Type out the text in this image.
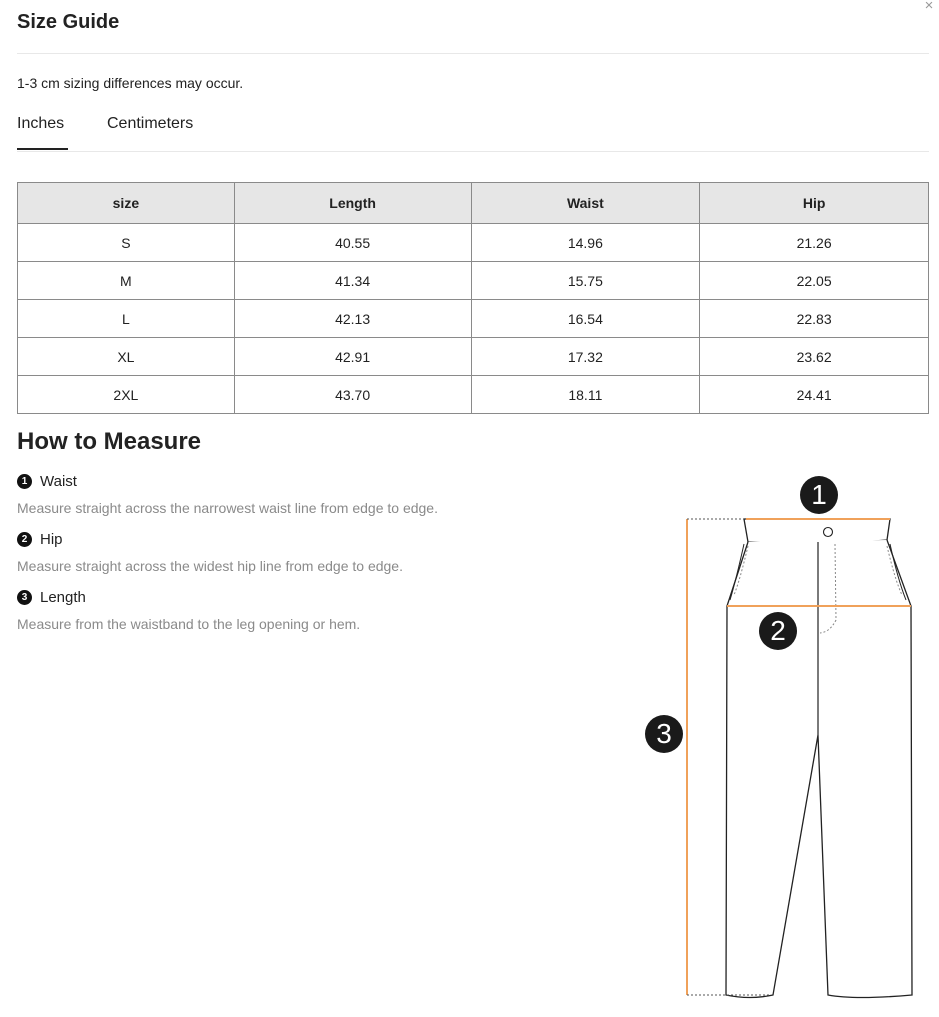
×
Size Guide
1-3 cm sizing differences may occur.
Inches	Centimeters
size	Length	Waist	Hip
S	40.55	14.96	21.26
M	41.34	15.75	22.05
L	42.13	16.54	22.83
XL	42.91	17.32	23.62
2XL	43.70	18.11	24.41
How to Measure
1 Waist
Measure straight across the narrowest waist line from edge to edge.
2 Hip
Measure straight across the widest hip line from edge to edge.
3 Length
Measure from the waistband to the leg opening or hem.
1
2
3
